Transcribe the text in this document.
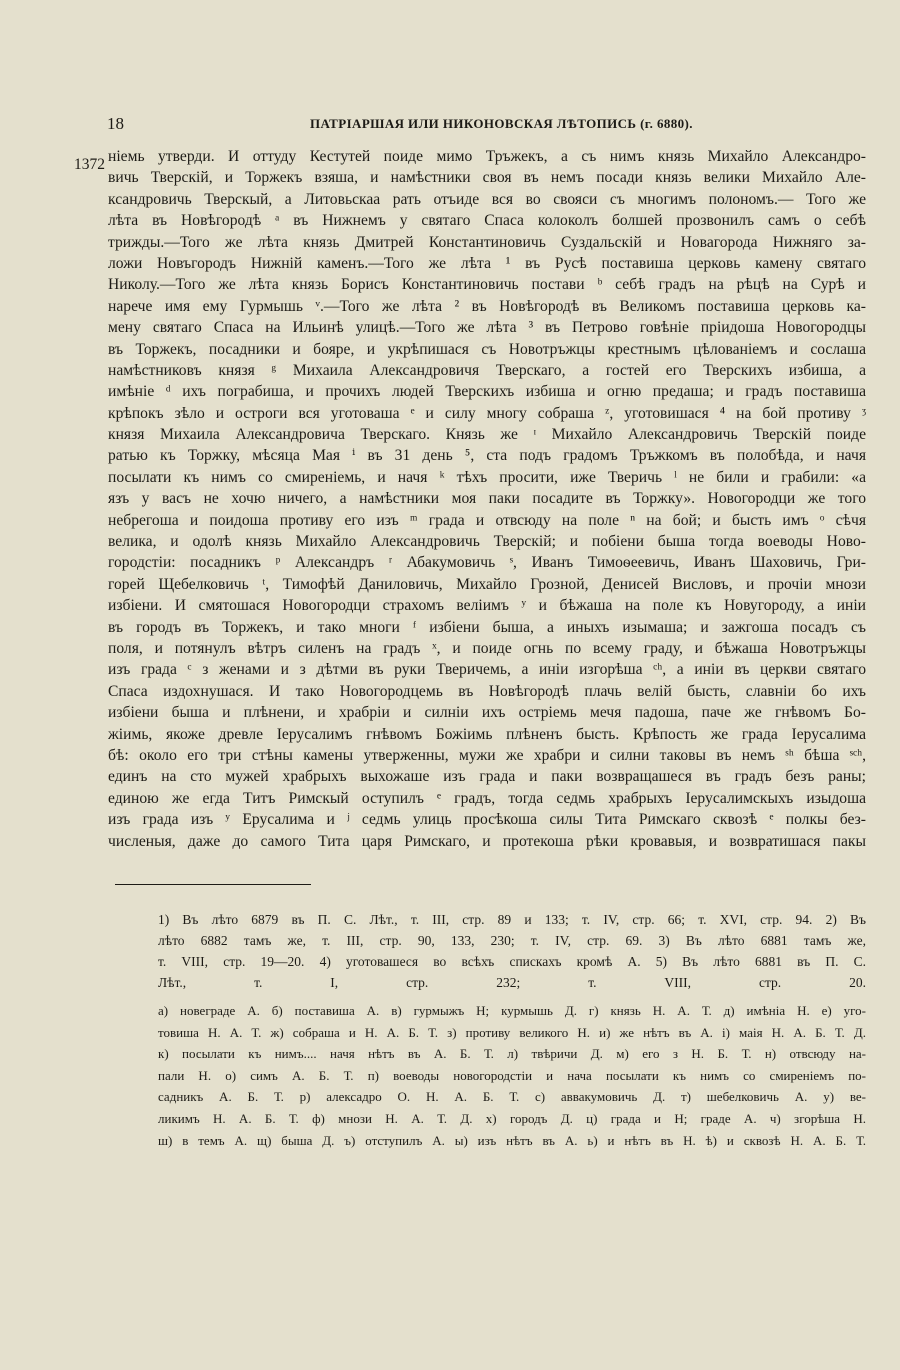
18	ПАТРІАРШАЯ ИЛИ НИКОНОВСКАЯ ЛѢТОПИСЬ (г. 6880).
1372 ніемь утверди. И оттуду Кестутей поиде мимо Тръжекъ, а съ нимъ князь Михайло Александро-
вичь Тверскій, и Торжекъ взяша, и намѣстники своя въ немъ посади князь велики Михайло Але-
ксандровичь Тверскый, а Литовьскаа рать отъиде вся во свояси съ многимъ полономъ.— Того же
лѣта въ Новѣгородѣ ᵃ въ Нижнемъ у святаго Спаса колоколъ болшей прозвонилъ самъ о себѣ
трижды.—Того же лѣта князь Дмитрей Константиновичь Суздальскій и Новагорода Нижняго за-
ложи Новъгородъ Нижній каменъ.—Того же лѣта ¹ въ Русѣ поставиша церковь камену святаго
Николу.—Того же лѣта князь Борисъ Константиновичь постави ᵇ себѣ градъ на рѣцѣ на Сурѣ и
нарече имя ему Гурмышь ᵛ.—Того же лѣта ² въ Новѣгородѣ въ Великомъ поставиша церковь ка-
мену святаго Спаса на Ильинѣ улицѣ.—Того же лѣта ³ въ Петрово говѣніе пріидоша Новогородцы
въ Торжекъ, посадники и бояре, и укрѣпишася съ Новотръжцы крестнымъ цѣлованіемъ и сослаша
намѣстниковъ князя ᵍ Михаила Александровичя Тверскаго, а гостей его Тверскихъ избиша, а
имѣніе ᵈ ихъ пограбиша, и прочихъ людей Тверскихъ избиша и огню предаша; и градъ поставиша
крѣпокъ зѣло и остроги вся уготоваша ᵉ и силу многу собраша ᶻ, уготовишася ⁴ на бой противу ᶾ
князя Михаила Александровича Тверскаго. Князь же ᶦ Михайло Александровичь Тверскій поиде
ратью къ Торжку, мѣсяца Мая ⁱ въ 31 день ⁵, ста подъ градомъ Тръжкомъ въ полобѣда, и начя
посылати къ нимъ со смиреніемь, и начя ᵏ тѣхъ просити, иже Тверичь ˡ не били и грабили: «а
язъ у васъ не хочю ничего, а намѣстники моя паки посадите въ Торжку». Новогородци же того
небрегоша и поидоша противу его изъ ᵐ града и отвсюду на поле ⁿ на бой; и бысть имъ ᵒ сѣчя
велика, и одолѣ князь Михайло Александровичь Тверскій; и побіени быша тогда воеводы Ново-
городстіи: посадникъ ᵖ Александръ ʳ Абакумовичь ˢ, Иванъ Тимоѳеевичь, Иванъ Шаховичь, Гри-
горей Щебелковичь ᵗ, Тимофѣй Даниловичь, Михайло Грозной, Денисей Висловъ, и прочіи мнози
избіени. И смятошася Новогородци страхомъ веліимъ ʸ и бѣжаша на поле къ Новугороду, а иніи
въ городъ въ Торжекъ, и тако многи ᶠ избіени быша, а иныхъ изымаша; и зажгоша посадъ съ
поля, и потянулъ вѣтръ силенъ на градъ ˣ, и поиде огнь по всему граду, и бѣжаша Новотръжцы
изъ града ᶜ з женами и з дѣтми въ руки Тверичемь, а иніи изгорѣша ᶜʰ, а иніи въ церкви святаго
Спаса издохнушася. И тако Новогородцемь въ Новѣгородѣ плачь велій бысть, славніи бо ихъ
избіени быша и плѣнени, и храбріи и силніи ихъ остріемь мечя падоша, паче же гнѣвомъ Бо-
жіимь, якоже древле Іерусалимъ гнѣвомъ Божіимь плѣненъ бысть. Крѣпость же града Іерусалима
бѣ: около его три стѣны камены утверженны, мужи же храбри и силни таковы въ немъ ˢʰ бѣша ˢᶜʰ,
единъ на сто мужей храбрыхъ выхожаше изъ града и паки возвращашеся въ градъ безъ раны;
единою же егда Титъ Римскый оступилъ ᵉ градъ, тогда седмь храбрыхъ Іерусалимскыхъ изыдоша
изъ града изъ ʸ Ерусалима и ʲ седмь улиць просѣкоша силы Тита Римскаго сквозѣ ᵉ полкы без-
численыя, даже до самого Тита царя Римскаго, и протекоша рѣки кровавыя, и возвратишася пакы
1) Въ лѣто 6879 въ П. С. Лѣт., т. III, стр. 89 и 133; т. IV, стр. 66; т. XVI, стр. 94. 2) Въ
лѣто 6882 тамъ же, т. III, стр. 90, 133, 230; т. IV, стр. 69. 3) Въ лѣто 6881 тамъ же,
т. VIII, стр. 19—20. 4) уготовашеся во всѣхъ спискахъ кромѣ А. 5) Въ лѣто 6881 въ П. С.
Лѣт., т. I, стр. 232; т. VIII, стр. 20.
а) новеграде А. б) поставиша А. в) гурмыжъ Н; курмышь Д. г) князь Н. А. Т. д) имѣніа Н. е) уго-
товиша Н. А. Т. ж) собраша и Н. А. Б. Т. з) противу великого Н. и) же нѣтъ въ А. і) маія Н. А. Б. Т. Д.
к) посылати къ нимъ.... начя нѣтъ въ А. Б. Т. л) твѣричи Д. м) его з Н. Б. Т. н) отвсюду на-
пали Н. о) симъ А. Б. Т. п) воеводы новогородстіи и нача посылати къ нимъ со смиреніемъ по-
садникъ А. Б. Т. р) алексадро О. Н. А. Б. Т. с) аввакумовичь Д. т) шебелковичь А. у) ве-
ликимъ Н. А. Б. Т. ф) мнози Н. А. Т. Д. х) городъ Д. ц) града и Н; граде А. ч) згорѣша Н.
ш) в темъ А. щ) быша Д. ъ) отступилъ А. ы) изъ нѣтъ въ А. ь) и нѣтъ въ Н. ѣ) и сквозѣ Н. А. Б. Т.
